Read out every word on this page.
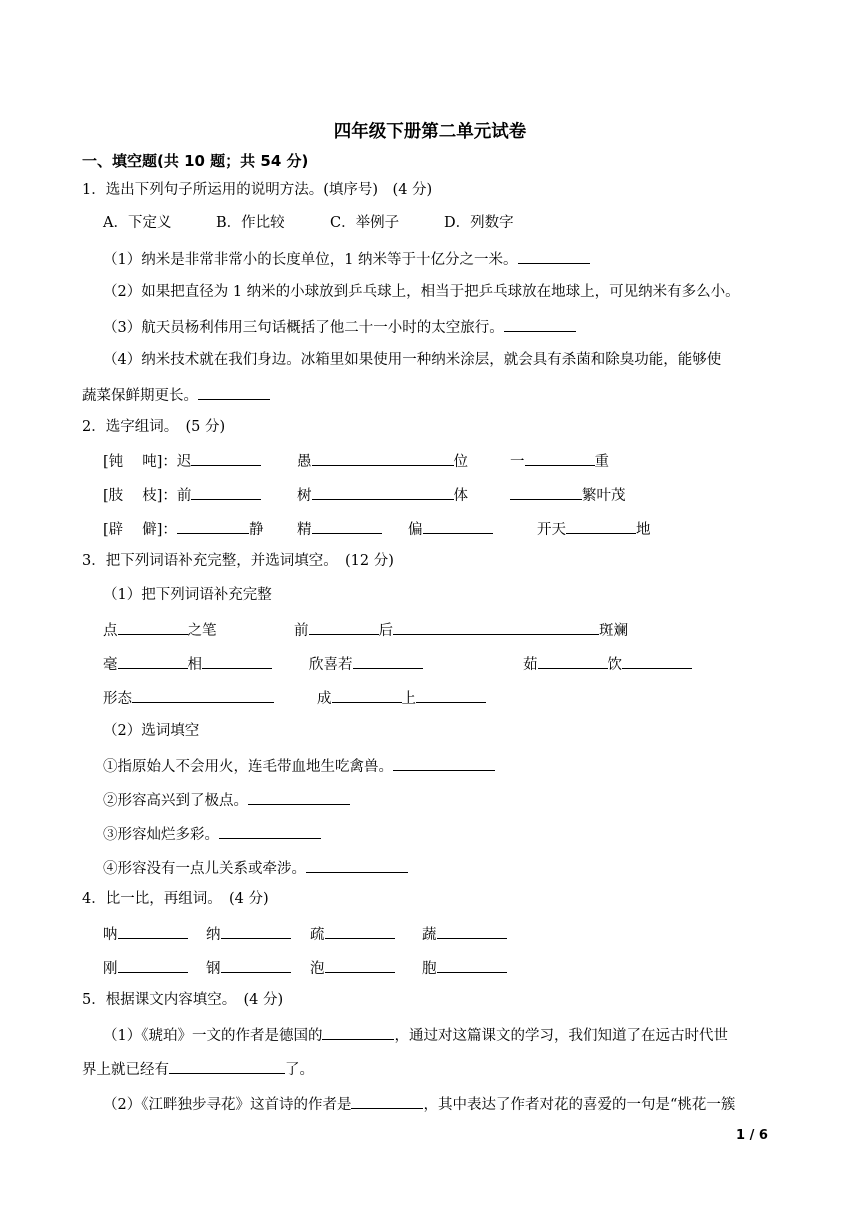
四年级下册第二单元试卷
一、填空题(共 10 题；共 54 分)
1．选出下列句子所运用的说明方法。(填序号)　(4 分)
A．下定义	B．作比较	C．举例子	D．列数字
（1）纳米是非常非常小的长度单位，1 纳米等于十亿分之一米。
（2）如果把直径为 1 纳米的小球放到乒乓球上，相当于把乒乓球放在地球上，可见纳米有多么小。
（3）航天员杨利伟用三句话概括了他二十一小时的太空旅行。
（4）纳米技术就在我们身边。冰箱里如果使用一种纳米涂层，就会具有杀菌和除臭功能，能够使
蔬菜保鲜期更长。
2．选字组词。　(5 分)
[钝　 吨]：迟	愚	位	一	重
[肢　 枝]：前	树	体	繁叶茂
[辟　 僻]：	静 精	偏	开天	地
3．把下列词语补充完整，并选词填空。　(12 分)
（1）把下列词语补充完整
点	之笔	前	后	斑斓
毫	相	欣喜若	茹	饮
形态	成	上
（2）选词填空
①指原始人不会用火，连毛带血地生吃禽兽。
②形容高兴到了极点。
③形容灿烂多彩。
④形容没有一点儿关系或牵涉。
4．比一比，再组词。　(4 分)
呐	纳	疏	蔬
刚	钢	泡	胞
5．根据课文内容填空。　(4 分)
（1）《琥珀》一文的作者是德国的	，通过对这篇课文的学习，我们知道了在远古时代世
界上就已经有	了。
（2）《江畔独步寻花》这首诗的作者是	，其中表达了作者对花的喜爱的一句是“桃花一簇
1 / 6
